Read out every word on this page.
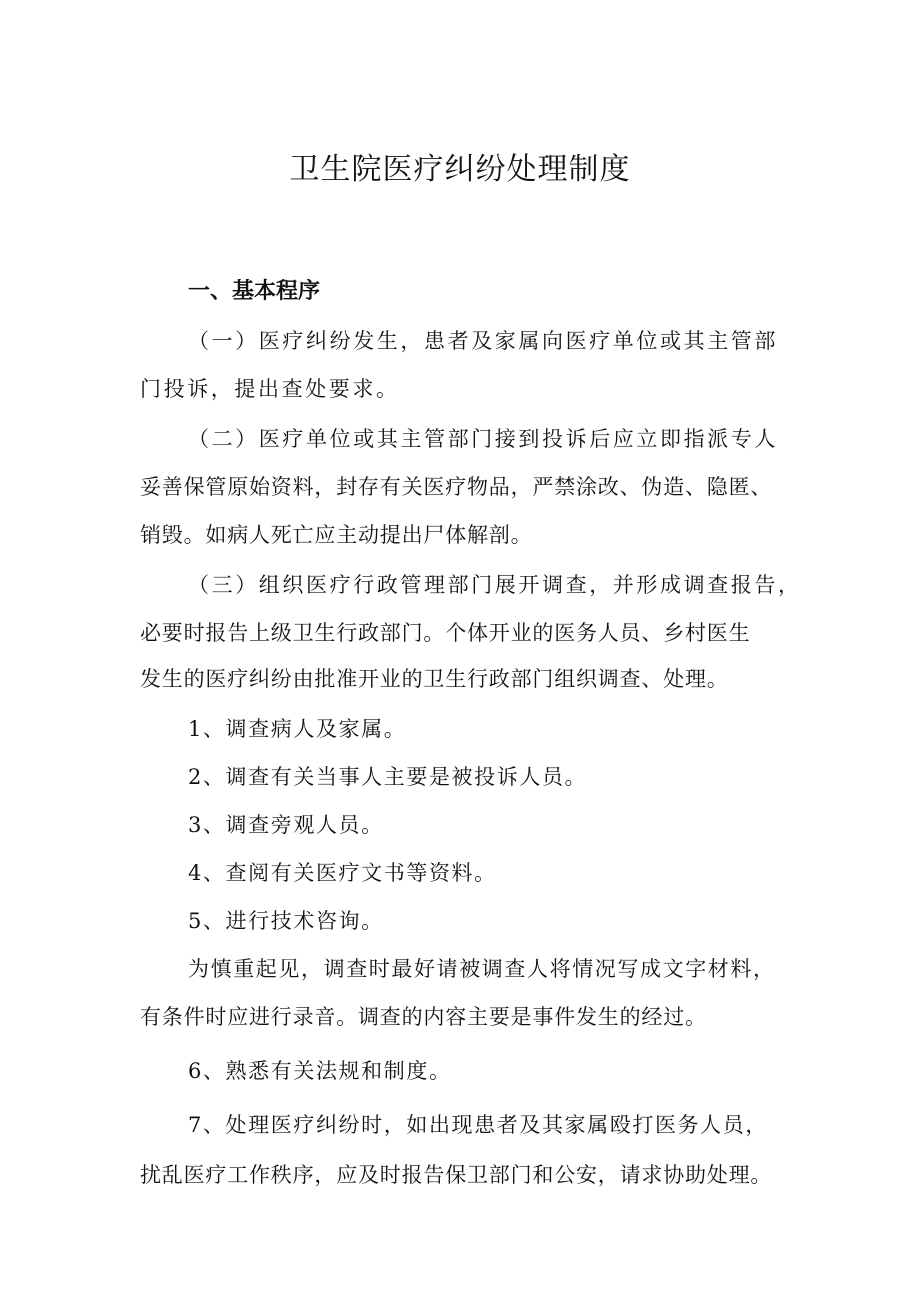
卫生院医疗纠纷处理制度
一、基本程序
（一）医疗纠纷发生，患者及家属向医疗单位或其主管部
门投诉，提出查处要求。
（二）医疗单位或其主管部门接到投诉后应立即指派专人
妥善保管原始资料，封存有关医疗物品，严禁涂改、伪造、隐匿、
销毁。如病人死亡应主动提出尸体解剖。
（三）组织医疗行政管理部门展开调查，并形成调查报告，
必要时报告上级卫生行政部门。个体开业的医务人员、乡村医生
发生的医疗纠纷由批准开业的卫生行政部门组织调查、处理。
1、调查病人及家属。
2、调查有关当事人主要是被投诉人员。
3、调查旁观人员。
4、查阅有关医疗文书等资料。
5、进行技术咨询。
为慎重起见，调查时最好请被调查人将情况写成文字材料，
有条件时应进行录音。调查的内容主要是事件发生的经过。
6、熟悉有关法规和制度。
7、处理医疗纠纷时，如出现患者及其家属殴打医务人员，
扰乱医疗工作秩序，应及时报告保卫部门和公安，请求协助处理。
